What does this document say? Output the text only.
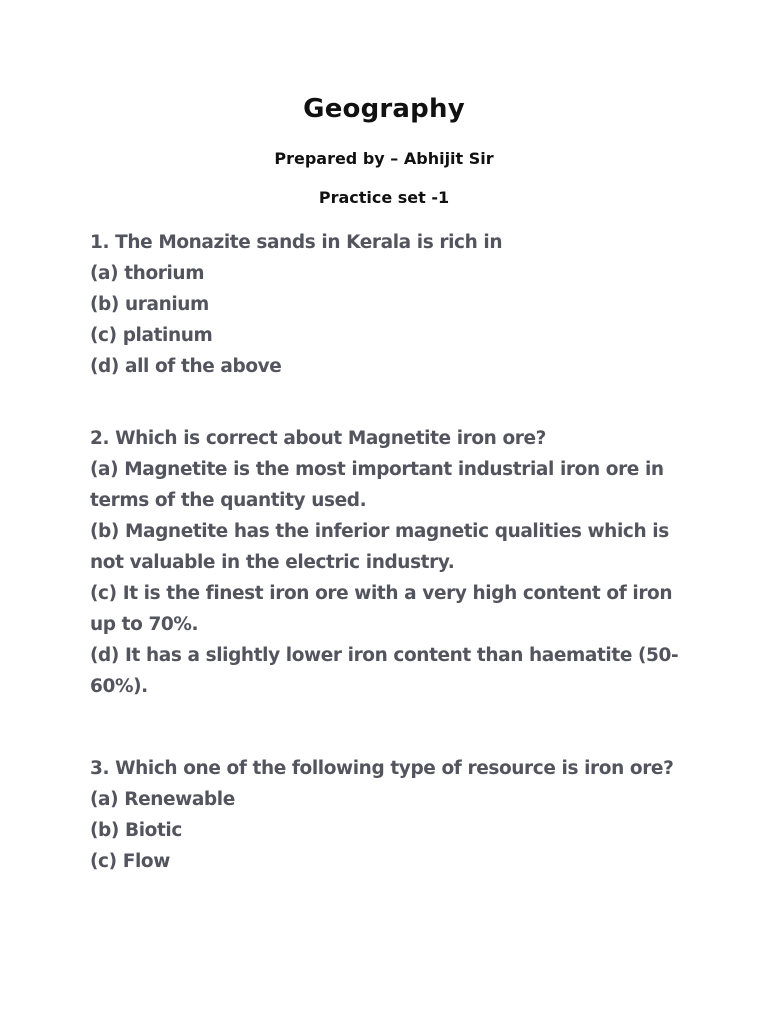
Geography
Prepared by – Abhijit Sir
Practice set -1
1. The Monazite sands in Kerala is rich in
(a) thorium
(b) uranium
(c) platinum
(d) all of the above
2. Which is correct about Magnetite iron ore?
(a) Magnetite is the most important industrial iron ore in terms of the quantity used.
(b) Magnetite has the inferior magnetic qualities which is not valuable in the electric industry.
(c) It is the finest iron ore with a very high content of iron up to 70%.
(d) It has a slightly lower iron content than haematite (50-60%).
3. Which one of the following type of resource is iron ore?
(a) Renewable
(b) Biotic
(c) Flow
